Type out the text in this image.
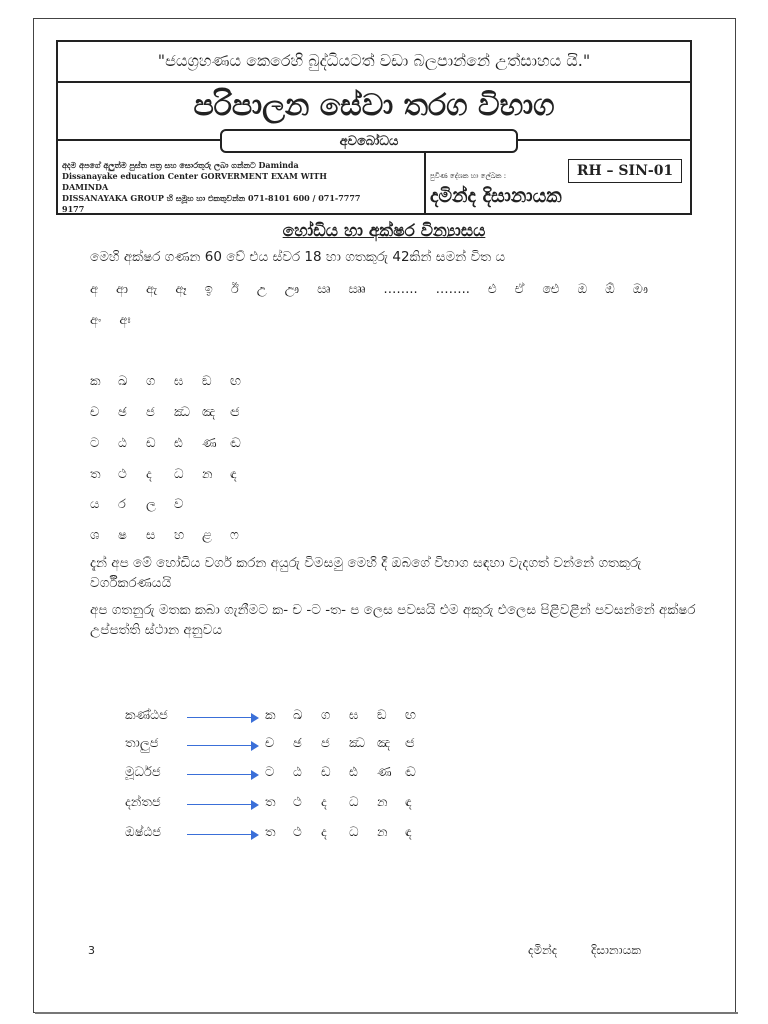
"ජයග්‍රහණය කෙරෙහි බුද්ධියටත් වඩා බලපාන්නේ උත්සාහය යි."
පරිපාලන සේවා තරග විභාග
අවබෝධය
අදම අපගේ අලුත්ම පුස්ත පත්‍ර සහ සොරතුරු ලබා ගන්නට Daminda
Dissanayake education Center GORVERMENT EXAM WITH DAMINDA
DISSANAYAKA GROUP හි සමූහ හා එකතුවන්න 071-8101 600 / 071-7777 9177
පුවිණ දේශක හා ලේඛක :	RH – SIN-01
දමින්ද දිසානායක
හෝඩිය හා අක්ෂර වින්‍යාසය
මෙහි අක්ෂර ගණන 60 වේ එය ස්වර 18 හා ගතකුරු 42කින් සමන් විත ය
අ ආ ඇ ඈ ඉ ඊ උ ඌ ඍ ඎ …….. …….. එ ඒ ඓ ඔ ඕ ඖ
අං අඃ
ක ඛ ග ඝ ඞ ඟ
ච ඡ ජ ඣ ඤ ඦ
ට ඨ ඩ ඪ ණ ඬ
ත ථ ද ධ න ඳ
ය ර ල ව
ශ ෂ ස හ ළ ෆ
දැන් අප මේ හෝඩිය වර්ග කරන අයුරු විමසමු මෙහි දී ඔබගේ විභාග සඳහා වැදගත් වන්නේ ගතකුරු වර්ගීකරණයයි
අප ගතනුරු මතක කබා ගැනීමට ක- ච -ට -ත- ප ලෙස පවසයි එම අකුරු එලෙස පිළිවළින් පවසන්නේ අක්ෂර උප්පත්ති ස්ථාන අනුවය
කණ්ඨජ	ක ඛ ග ඝ ඞ ඟ
තාලුජ	ච ඡ ජ ඣ ඤ ඦ
මූර්ධජ	ට ඨ ඩ ඪ ණ ඬ
දන්තජ	ත ථ ද ධ න ඳ
ඔෂ්ඨජ	ත ථ ද ධ න ඳ
3	දමින්ද	දිසානායක
